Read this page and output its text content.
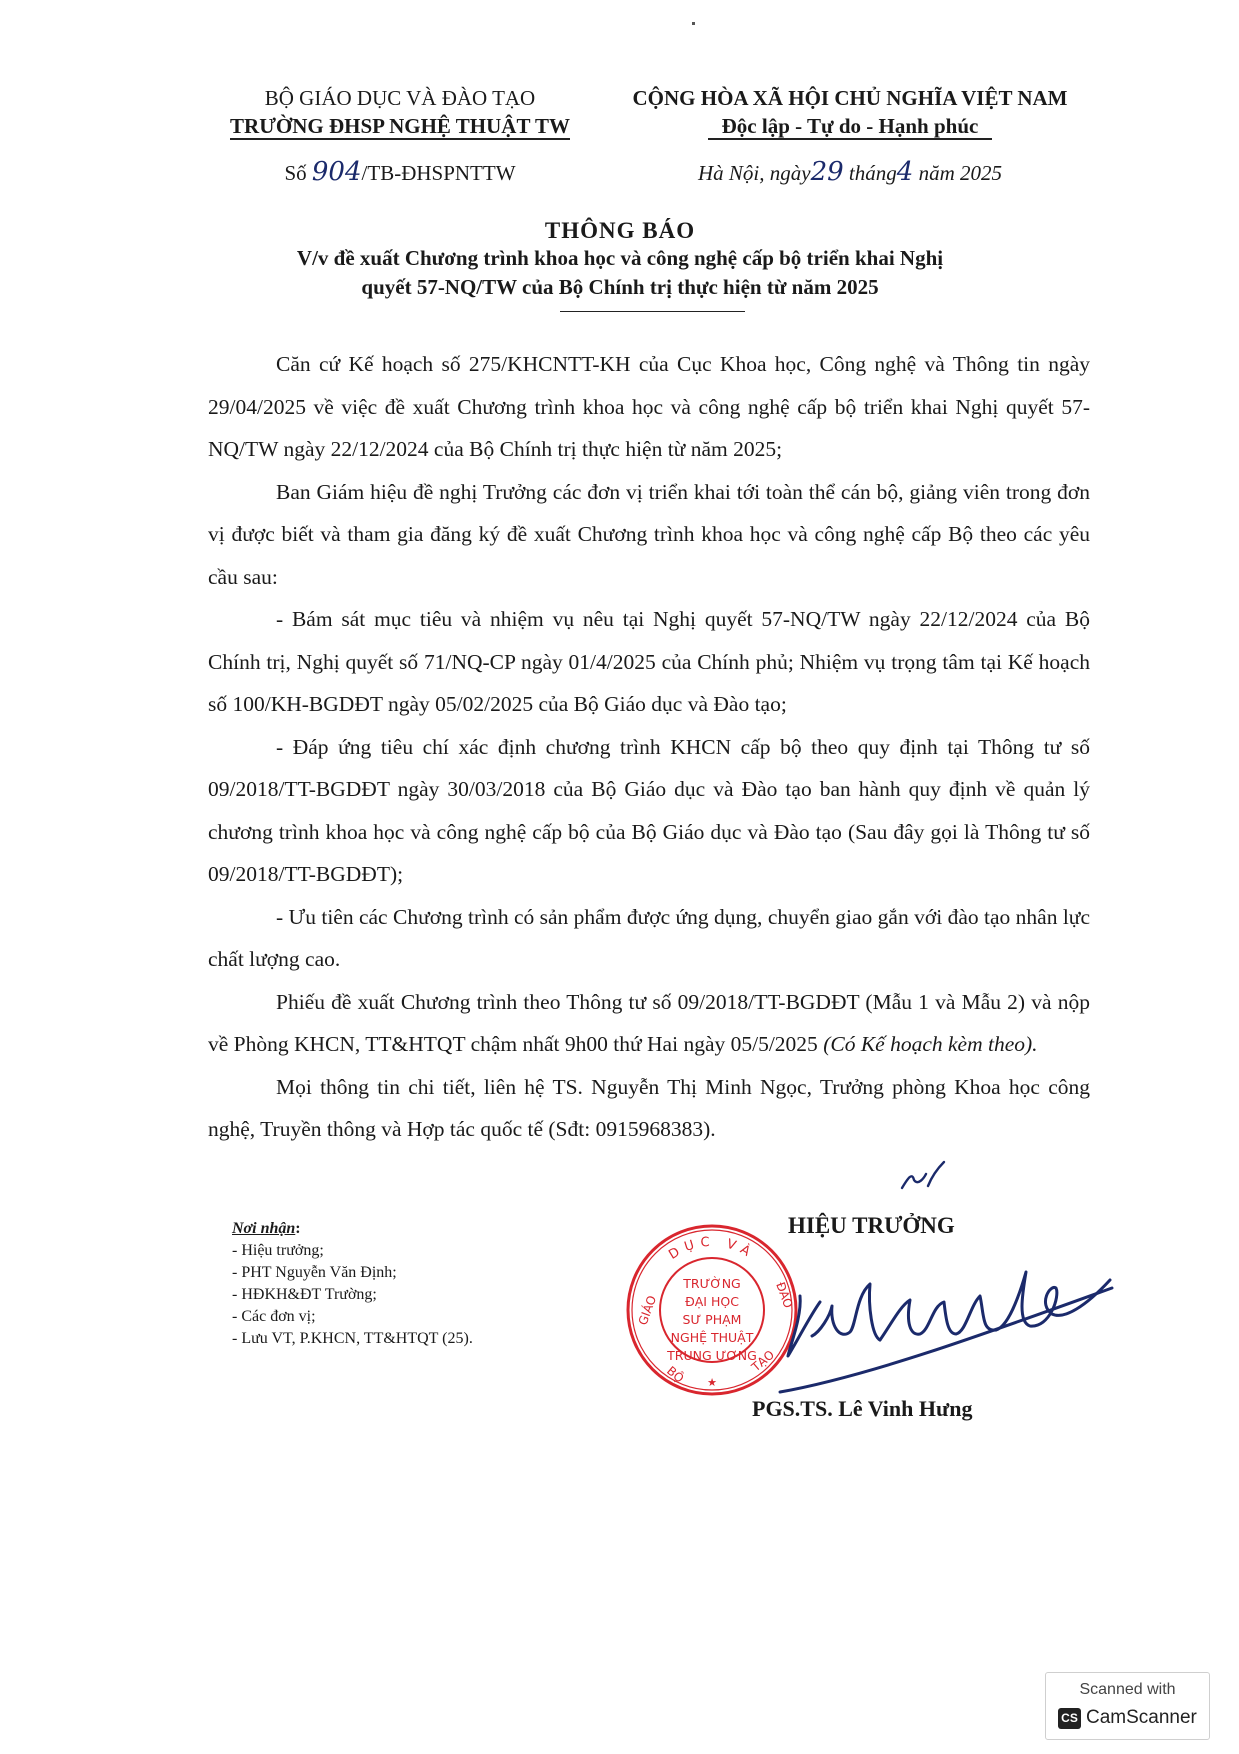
BỘ GIÁO DỤC VÀ ĐÀO TẠO
TRƯỜNG ĐHSP NGHỆ THUẬT TW
Số 904/TB-ĐHSPNTTW
CỘNG HÒA XÃ HỘI CHỦ NGHĨA VIỆT NAM
Độc lập - Tự do - Hạnh phúc
Hà Nội, ngày29 tháng4 năm 2025
THÔNG BÁO
V/v đề xuất Chương trình khoa học và công nghệ cấp bộ triển khai Nghị
quyết 57-NQ/TW của Bộ Chính trị thực hiện từ năm 2025

Căn cứ Kế hoạch số 275/KHCNTT-KH của Cục Khoa học, Công nghệ và Thông tin ngày 29/04/2025 về việc đề xuất Chương trình khoa học và công nghệ cấp bộ triển khai Nghị quyết 57-NQ/TW ngày 22/12/2024 của Bộ Chính trị thực hiện từ năm 2025;

Ban Giám hiệu đề nghị Trưởng các đơn vị triển khai tới toàn thể cán bộ, giảng viên trong đơn vị được biết và tham gia đăng ký đề xuất Chương trình khoa học và công nghệ cấp Bộ theo các yêu cầu sau:

- Bám sát mục tiêu và nhiệm vụ nêu tại Nghị quyết 57-NQ/TW ngày 22/12/2024 của Bộ Chính trị, Nghị quyết số 71/NQ-CP ngày 01/4/2025 của Chính phủ; Nhiệm vụ trọng tâm tại Kế hoạch số 100/KH-BGDĐT ngày 05/02/2025 của Bộ Giáo dục và Đào tạo;

- Đáp ứng tiêu chí xác định chương trình KHCN cấp bộ theo quy định tại Thông tư số 09/2018/TT-BGDĐT ngày 30/03/2018 của Bộ Giáo dục và Đào tạo ban hành quy định về quản lý chương trình khoa học và công nghệ cấp bộ của Bộ Giáo dục và Đào tạo (Sau đây gọi là Thông tư số 09/2018/TT-BGDĐT);

- Ưu tiên các Chương trình có sản phẩm được ứng dụng, chuyển giao gắn với đào tạo nhân lực chất lượng cao.

Phiếu đề xuất Chương trình theo Thông tư số 09/2018/TT-BGDĐT (Mẫu 1 và Mẫu 2) và nộp về Phòng KHCN, TT&HTQT chậm nhất 9h00 thứ Hai ngày 05/5/2025 (Có Kế hoạch kèm theo).

Mọi thông tin chi tiết, liên hệ TS. Nguyễn Thị Minh Ngọc, Trưởng phòng Khoa học công nghệ, Truyền thông và Hợp tác quốc tế (Sđt: 0915968383).

Nơi nhận:
- Hiệu trưởng;
- PHT Nguyễn Văn Định;
- HĐKH&ĐT Trường;
- Các đơn vị;
- Lưu VT, P.KHCN, TT&HTQT (25).
DỤC VÀ
GIÁO	ĐÀO
BỘ
TẠO
★
TRƯỜNG
ĐẠI HỌC
SƯ PHẠM
NGHỆ THUẬT
TRUNG ƯƠNG
HIỆU TRƯỞNG
PGS.TS. Lê Vinh Hưng
Scanned with
CS CamScanner
